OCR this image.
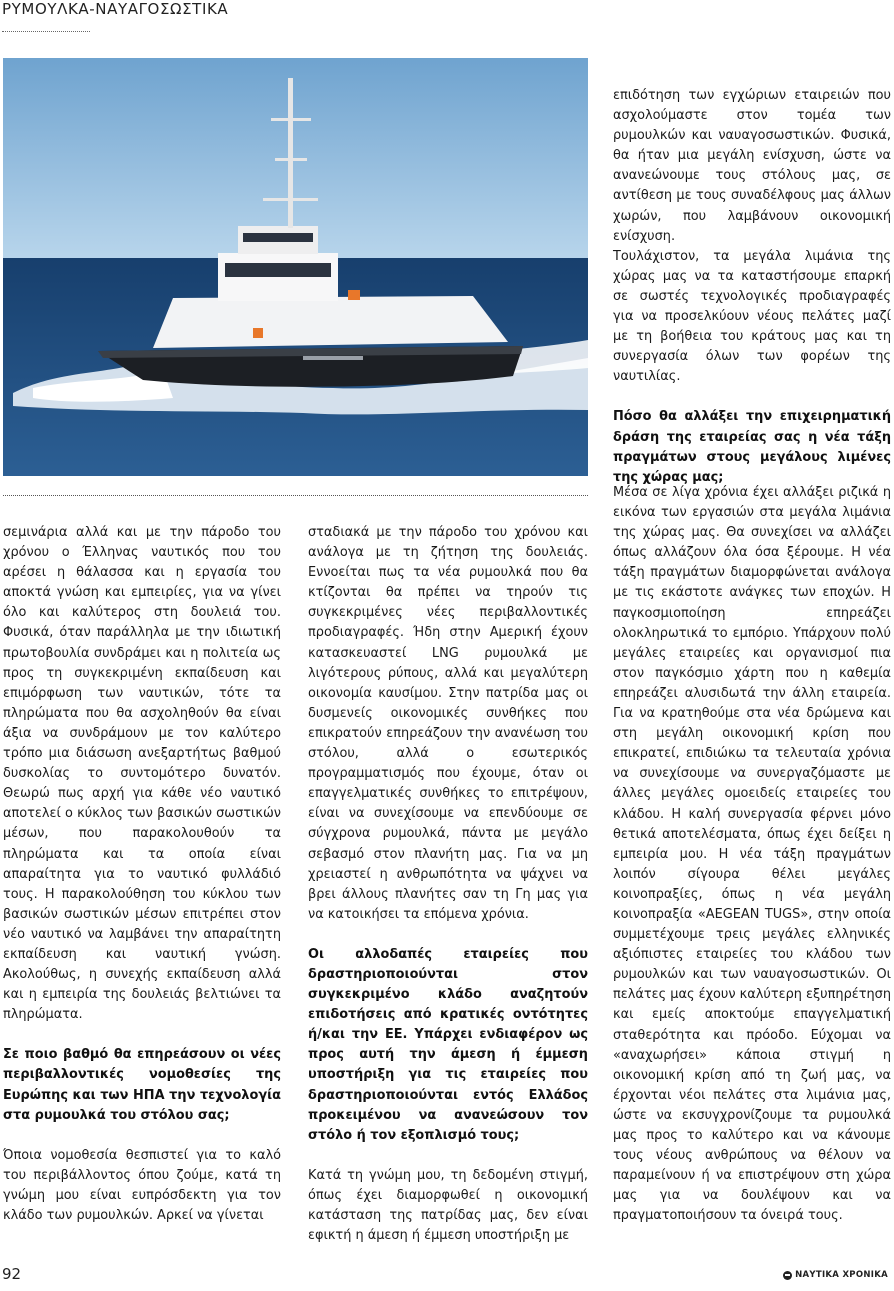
ΡΥΜΟΥΛΚΑ-ΝΑΥΑΓΟΣΩΣΤΙΚΑ

επιδότηση των εγχώριων εταιρειών που ασχολούμαστε στον τομέα των ρυμουλκών και ναυαγοσωστικών. Φυσικά, θα ήταν μια μεγάλη ενίσχυση, ώστε να ανανεώνουμε τους στόλους μας, σε αντίθεση με τους συναδέλφους μας άλλων χωρών, που λαμβάνουν οικονομική ενίσχυση.

Τουλάχιστον, τα μεγάλα λιμάνια της χώρας μας να τα καταστήσουμε επαρκή σε σωστές τεχνολογικές προδιαγραφές για να προσελκύουν νέους πελάτες μαζί με τη βοήθεια του κράτους μας και τη συνεργασία όλων των φορέων της ναυτιλίας.

Πόσο θα αλλάξει την επιχειρηματική δράση της εταιρείας σας η νέα τάξη πραγμάτων στους μεγάλους λιμένες της χώρας μας;

σεμινάρια αλλά και με την πάροδο του χρόνου ο Έλληνας ναυτικός που του αρέσει η θάλασσα και η εργασία του αποκτά γνώση και εμπειρίες, για να γίνει όλο και καλύτερος στη δουλειά του. Φυσικά, όταν παράλληλα με την ιδιωτική πρωτοβουλία συνδράμει και η πολιτεία ως προς τη συγκεκριμένη εκπαίδευση και επιμόρφωση των ναυτικών, τότε τα πληρώματα που θα ασχοληθούν θα είναι άξια να συνδράμουν με τον καλύτερο τρόπο μια διάσωση ανεξαρτήτως βαθμού δυσκολίας το συντομότερο δυνατόν. Θεωρώ πως αρχή για κάθε νέο ναυτικό αποτελεί ο κύκλος των βασικών σωστικών μέσων, που παρακολουθούν τα πληρώματα και τα οποία είναι απαραίτητα για το ναυτικό φυλλάδιό τους. Η παρακολούθηση του κύκλου των βασικών σωστικών μέσων επιτρέπει στον νέο ναυτικό να λαμβάνει την απαραίτητη εκπαίδευση και ναυτική γνώση. Ακολούθως, η συνεχής εκπαίδευση αλλά και η εμπειρία της δουλειάς βελτιώνει τα πληρώματα.

Σε ποιο βαθμό θα επηρεάσουν οι νέες περιβαλλοντικές νομοθεσίες της Ευρώπης και των ΗΠΑ την τεχνολογία στα ρυμουλκά του στόλου σας;

Όποια νομοθεσία θεσπιστεί για το καλό του περιβάλλοντος όπου ζούμε, κατά τη γνώμη μου είναι ευπρόσδεκτη για τον κλάδο των ρυμουλκών. Αρκεί να γίνεται

σταδιακά με την πάροδο του χρόνου και ανάλογα με τη ζήτηση της δουλειάς. Εννοείται πως τα νέα ρυμουλκά που θα κτίζονται θα πρέπει να τηρούν τις συγκεκριμένες νέες περιβαλλοντικές προδιαγραφές. Ήδη στην Αμερική έχουν κατασκευαστεί LNG ρυμουλκά με λιγότερους ρύπους, αλλά και μεγαλύτερη οικονομία καυσίμου. Στην πατρίδα μας οι δυσμενείς οικονομικές συνθήκες που επικρατούν επηρεάζουν την ανανέωση του στόλου, αλλά ο εσωτερικός προγραμματισμός που έχουμε, όταν οι επαγγελματικές συνθήκες το επιτρέψουν, είναι να συνεχίσουμε να επενδύουμε σε σύγχρονα ρυμουλκά, πάντα με μεγάλο σεβασμό στον πλανήτη μας. Για να μη χρειαστεί η ανθρωπότητα να ψάχνει να βρει άλλους πλανήτες σαν τη Γη μας για να κατοικήσει τα επόμενα χρόνια.

Οι αλλοδαπές εταιρείες που δραστηριοποιούνται στον συγκεκριμένο κλάδο αναζητούν επιδοτήσεις από κρατικές οντότητες ή/και την ΕΕ. Υπάρχει ενδιαφέρον ως προς αυτή την άμεση ή έμμεση υποστήριξη για τις εταιρείες που δραστηριοποιούνται εντός Ελλάδος προκειμένου να ανανεώσουν τον στόλο ή τον εξοπλισμό τους;

Κατά τη γνώμη μου, τη δεδομένη στιγμή, όπως έχει διαμορφωθεί η οικονομική κατάσταση της πατρίδας μας, δεν είναι εφικτή η άμεση ή έμμεση υποστήριξη με

Μέσα σε λίγα χρόνια έχει αλλάξει ριζικά η εικόνα των εργασιών στα μεγάλα λιμάνια της χώρας μας. Θα συνεχίσει να αλλάζει όπως αλλάζουν όλα όσα ξέρουμε. Η νέα τάξη πραγμάτων διαμορφώνεται ανάλογα με τις εκάστοτε ανάγκες των εποχών. Η παγκοσμιοποίηση επηρεάζει ολοκληρωτικά το εμπόριο. Υπάρχουν πολύ μεγάλες εταιρείες και οργανισμοί πια στον παγκόσμιο χάρτη που η καθεμία επηρεάζει αλυσιδωτά την άλλη εταιρεία. Για να κρατηθούμε στα νέα δρώμενα και στη μεγάλη οικονομική κρίση που επικρατεί, επιδιώκω τα τελευταία χρόνια να συνεχίσουμε να συνεργαζόμαστε με άλλες μεγάλες ομοειδείς εταιρείες του κλάδου. Η καλή συνεργασία φέρνει μόνο θετικά αποτελέσματα, όπως έχει δείξει η εμπειρία μου. Η νέα τάξη πραγμάτων λοιπόν σίγουρα θέλει μεγάλες κοινοπραξίες, όπως η νέα μεγάλη κοινοπραξία «AEGEAN TUGS», στην οποία συμμετέχουμε τρεις μεγάλες ελληνικές αξιόπιστες εταιρείες του κλάδου των ρυμουλκών και των ναυαγοσωστικών. Οι πελάτες μας έχουν καλύτερη εξυπηρέτηση και εμείς αποκτούμε επαγγελματική σταθερότητα και πρόοδο. Εύχομαι να «αναχωρήσει» κάποια στιγμή η οικονομική κρίση από τη ζωή μας, να έρχονται νέοι πελάτες στα λιμάνια μας, ώστε να εκσυγχρονίζουμε τα ρυμουλκά μας προς το καλύτερο και να κάνουμε τους νέους ανθρώπους να θέλουν να παραμείνουν ή να επιστρέψουν στη χώρα μας για να δουλέψουν και να πραγματοποιήσουν τα όνειρά τους.

92	ΝΑΥΤΙΚΑ ΧΡΟΝΙΚΑ
